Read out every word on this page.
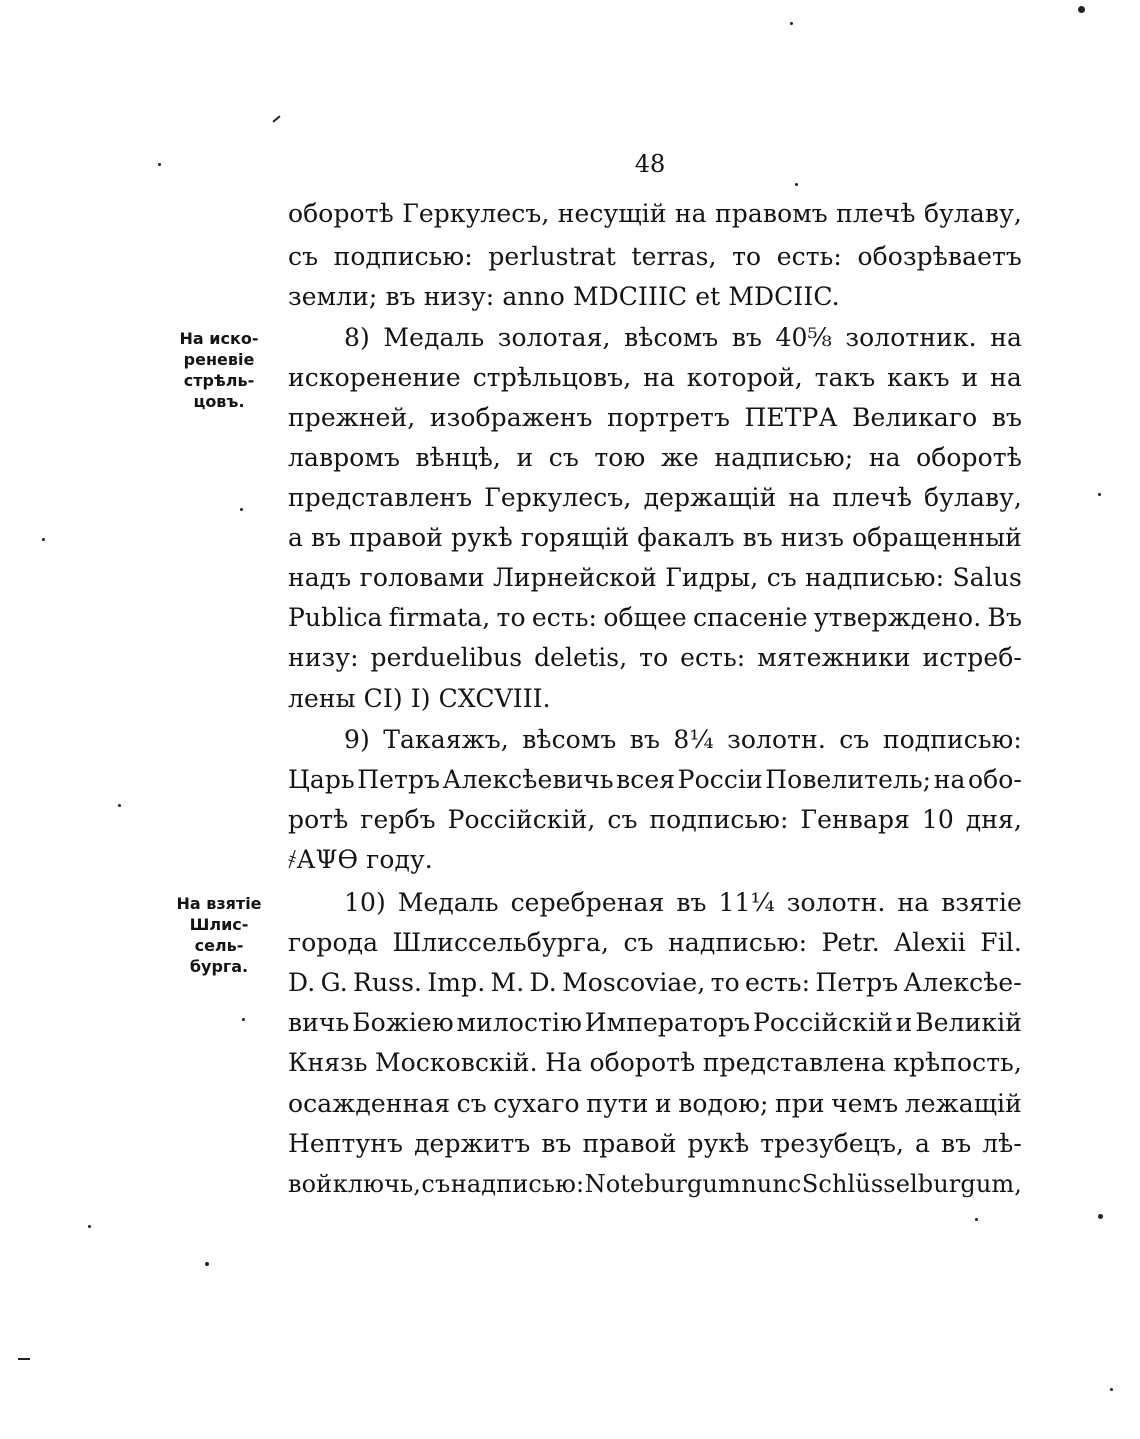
48
На искo-
реневiе
стрѣль-
цовъ.
На взятiе
Шлис-
сель-
бурга.
оборотѣ Геркулесъ, несущiй на правомъ плечѣ булаву,
съ подписью: perlustrat terras, то есть: обозрѣваетъ
земли; въ низу: anno MDCIIIC et MDCIIC.
8) Медаль золотая, вѣсомъ въ 40⅝ золотник. на
искоренение стрѣльцовъ, на которой, такъ какъ и на
прежней, изображенъ портретъ ПЕТРА Великаго въ
лавромъ вѣнцѣ, и съ тою же надписью; на оборотѣ
представленъ Геркулесъ, держащiй на плечѣ булаву,
а въ правой рукѣ горящiй факалъ въ низъ обращенный
надъ головами Лирнейской Гидры, съ надписью: Salus
Publica firmata, то есть: общее спасенiе утверждено. Въ
низу: perduelibus deletis, то есть: мятежники истреб-
лены CI) I) CXCVIII.
9) Такаяжъ, вѣсомъ въ 8¼ золотн. съ подписью:
Царь Петръ Алексѣевичь всея Россiи Повелитель; на обо-
ротѣ гербъ Россiйскiй, съ подписью: Генваря 10 дня,
҂АΨѲ году.
10) Медаль серебреная въ 11¼ золотн. на взятiе
города Шлиссельбурга, съ надписью: Petr. Alexii Fil.
D. G. Russ. Imp. M. D. Moscoviae, то есть: Петръ Алексѣе-
вичь Божiею милостiю Императоръ Россiйскiй и Великiй
Князь Московскiй. На оборотѣ представлена крѣпость,
осажденная съ сухаго пути и водою; при чемъ лежащiй
Нептунъ держитъ въ правой рукѣ трезубецъ, а въ лѣ-
вой ключь, съ надписью: Noteburgum nunc Schlüsselburgum,
